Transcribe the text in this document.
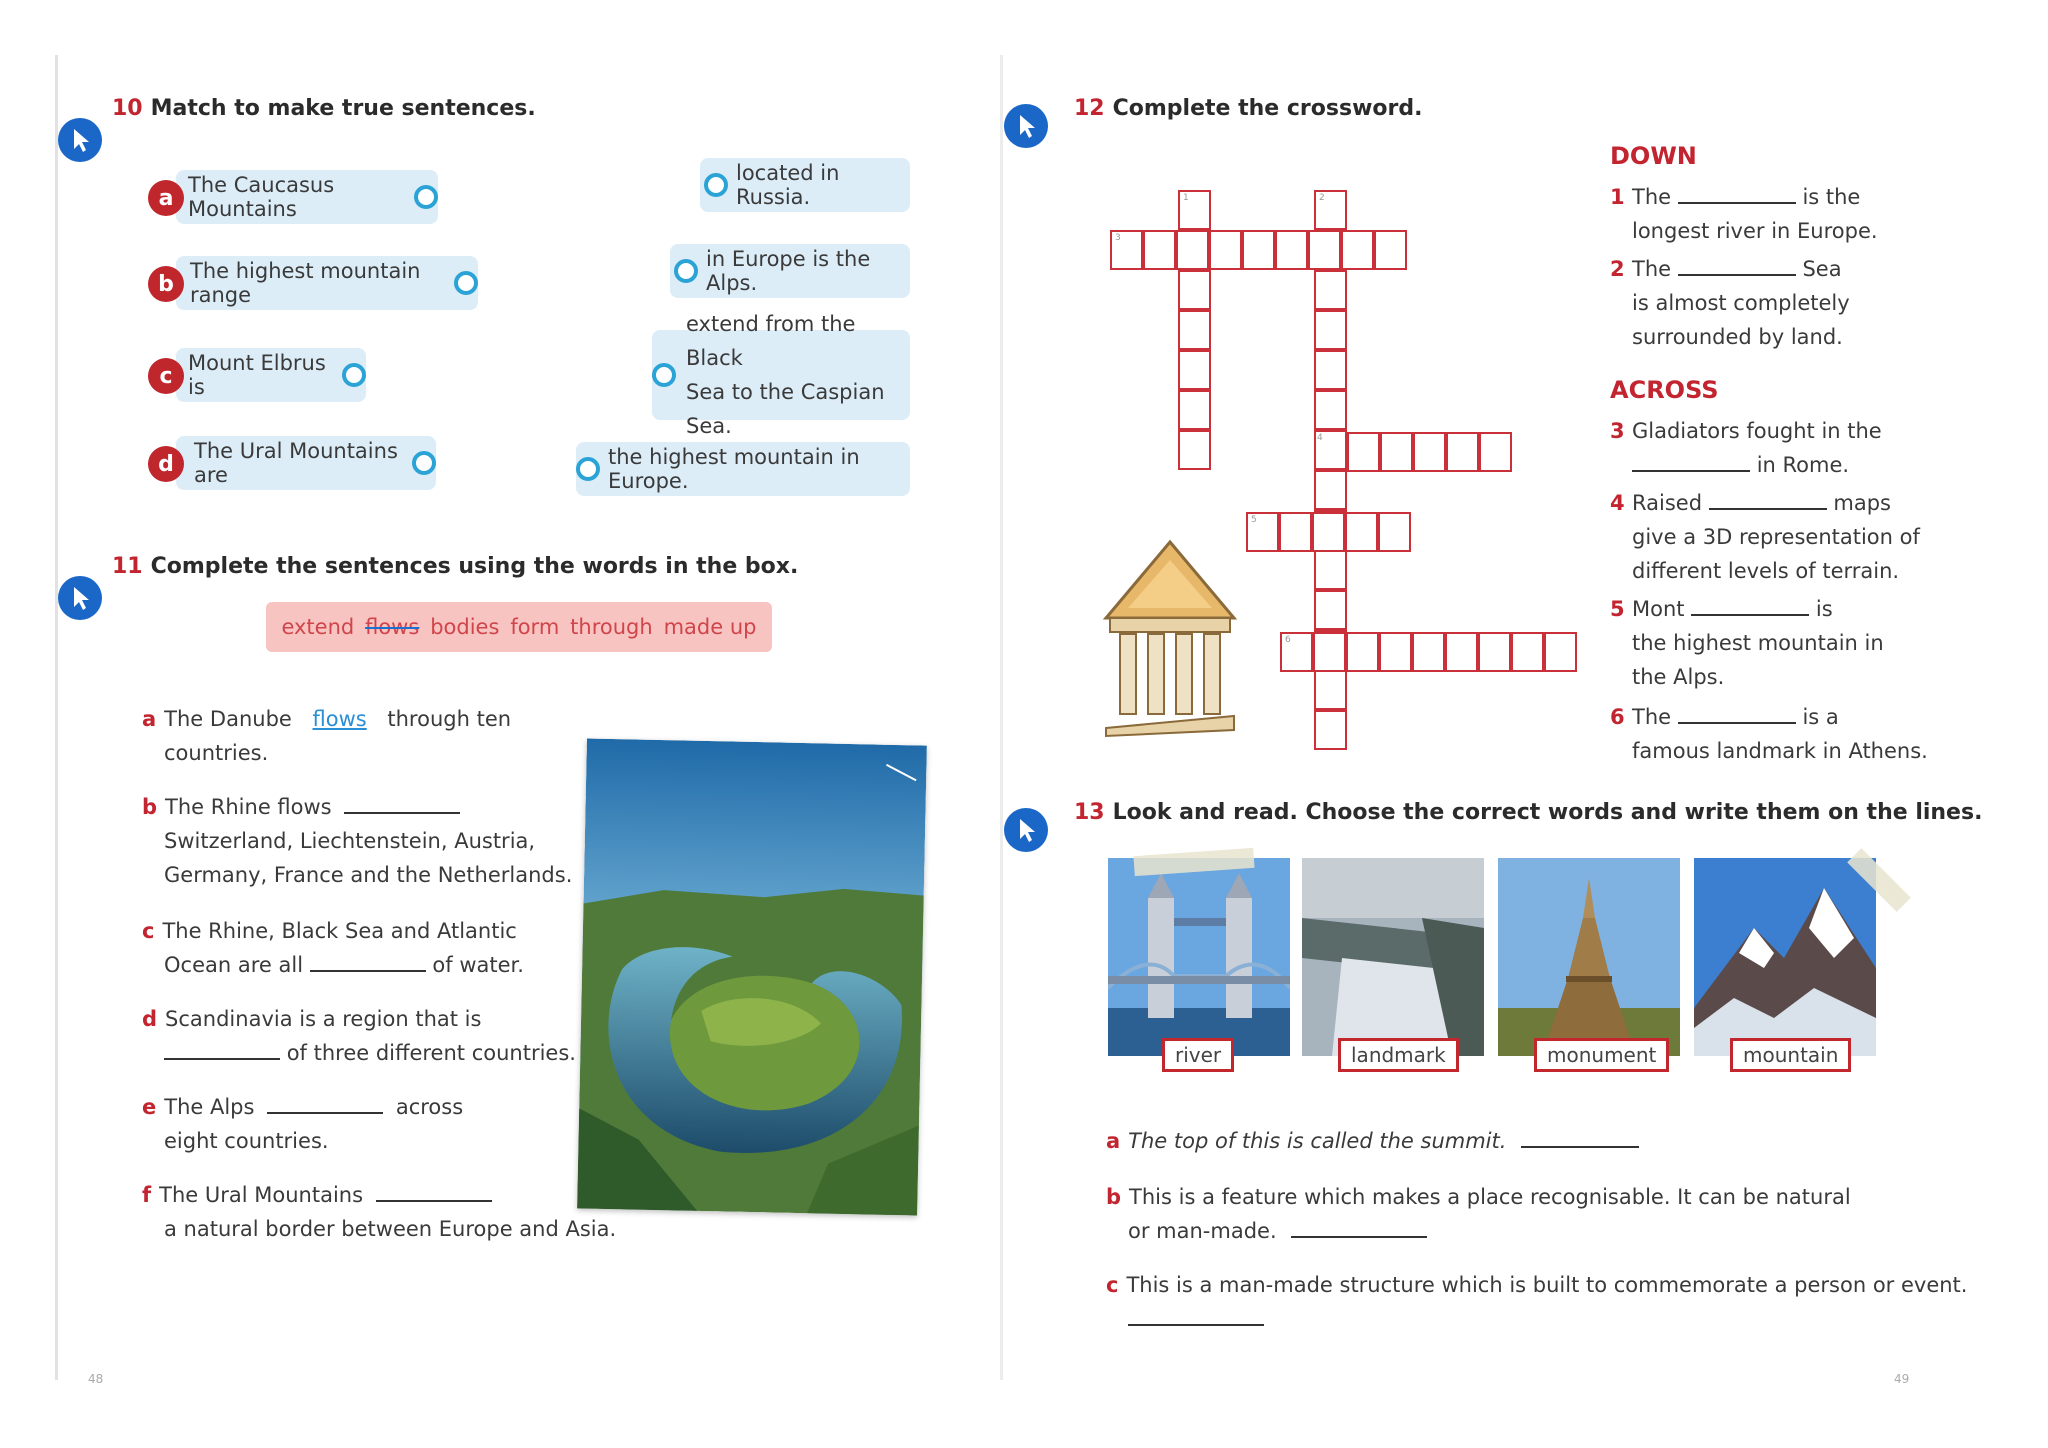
10 Match to make true sentences.
The Caucasus Mountains
a
The highest mountain range
b
Mount Elbrus is
c
The Ural Mountains are
d
located in Russia.
in Europe is the Alps.
extend from the Black
Sea to the Caspian Sea.
the highest mountain in Europe.
11 Complete the sentences using the words in the box.
extend flows bodies form through made up
a The Danube flows through ten
countries.
b The Rhine flows
Switzerland, Liechtenstein, Austria,
Germany, France and the Netherlands.
c The Rhine, Black Sea and Atlantic
Ocean are all	of water.
d Scandinavia is a region that is
of three different countries.
e The Alps	across
eight countries.
f The Ural Mountains
a natural border between Europe and Asia.
48
12 Complete the crossword.
1	2
3
5
6
4
DOWN
1 The	is the
longest river in Europe.
2 The	Sea
is almost completely
surrounded by land.
ACROSS
3 Gladiators fought in the
in Rome.
4 Raised	maps
give a 3D representation of
different levels of terrain.
5 Mont	is
the highest mountain in
the Alps.
6 The	is a
famous landmark in Athens.
13 Look and read. Choose the correct words and write them on the lines.
river	landmark	monument	mountain
a The top of this is called the summit.
b This is a feature which makes a place recognisable. It can be natural
or man-made.
c This is a man-made structure which is built to commemorate a person or event.
49
